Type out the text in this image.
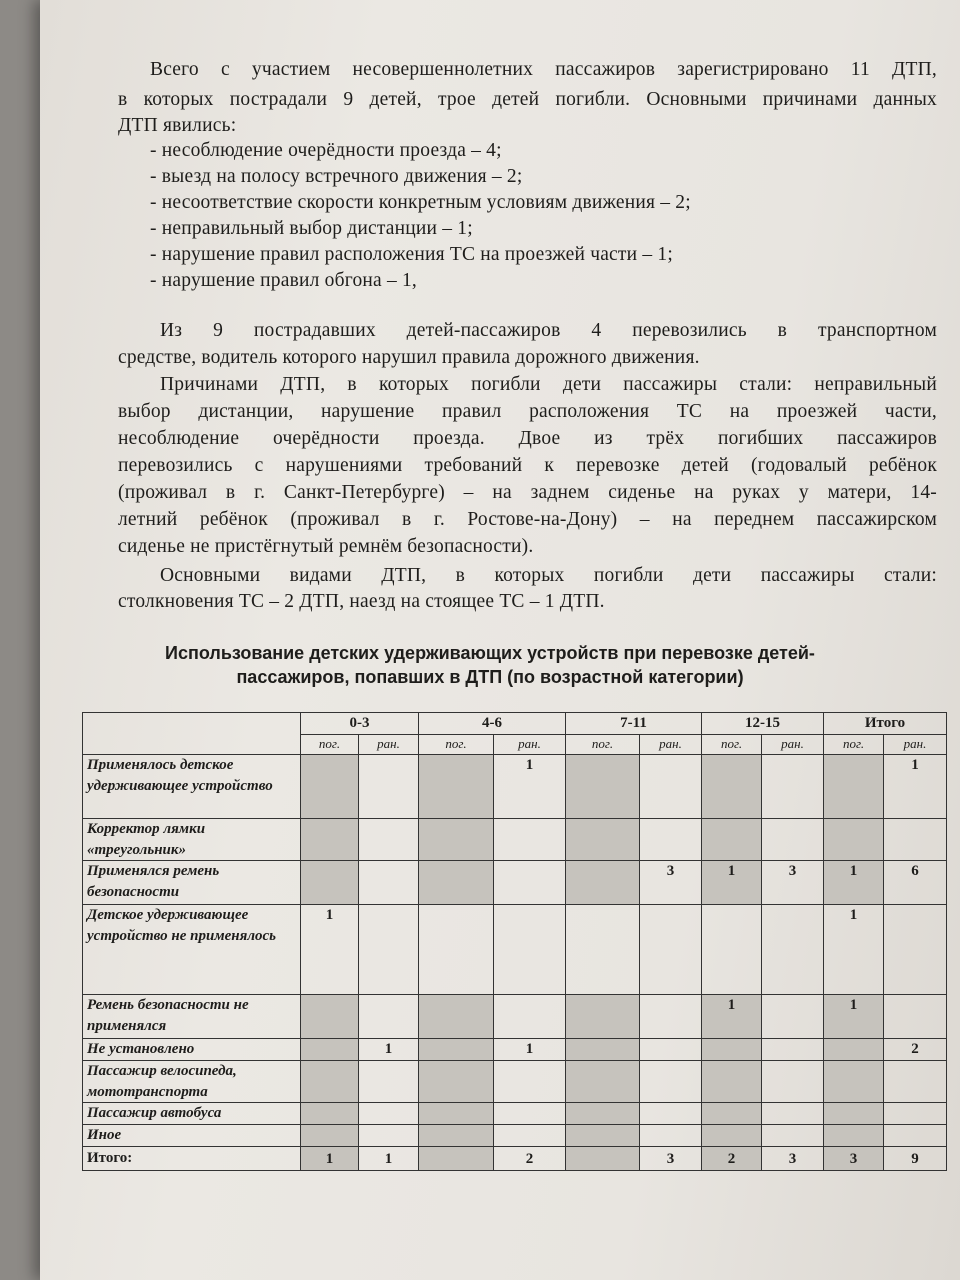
Всего с участием несовершеннолетних пассажиров зарегистрировано 11 ДТП,
в которых пострадали 9 детей, трое детей погибли. Основными причинами данных
ДТП явились:
- несоблюдение очерёдности проезда – 4;
- выезд на полосу встречного движения – 2;
- несоответствие скорости конкретным условиям движения – 2;
- неправильный выбор дистанции – 1;
- нарушение правил расположения ТС на проезжей части – 1;
- нарушение правил обгона – 1,
Из 9 пострадавших детей-пассажиров 4 перевозились в транспортном
средстве, водитель которого нарушил правила дорожного движения.
Причинами ДТП, в которых погибли дети пассажиры стали: неправильный
выбор дистанции, нарушение правил расположения ТС на проезжей части,
несоблюдение очерёдности проезда. Двое из трёх погибших пассажиров
перевозились с нарушениями требований к перевозке детей (годовалый ребёнок
(проживал в г. Санкт-Петербурге) – на заднем сиденье на руках у матери, 14-
летний ребёнок (проживал в г. Ростове-на-Дону) – на переднем пассажирском
сиденье не пристёгнутый ремнём безопасности).
Основными видами ДТП, в которых погибли дети пассажиры стали:
столкновения ТС – 2 ДТП, наезд на стоящее ТС – 1 ДТП.
Использование детских удерживающих устройств при перевозке детей-
пассажиров, попавших в ДТП (по возрастной категории)
	0-3		4-6		7-11		12-15		Итого	
	пог.	ран.	пог.	ран.	пог.	ран.	пог.	ран.	пог.	ран.
Применялось детское удерживающее устройство				1						1
Корректор лямки «треугольник»										
Применялся ремень безопасности						3	1	3	1	6
Детское удерживающее устройство не применялось	1								1	
Ремень безопасности не применялся							1		1	
Не установлено		1		1						2
Пассажир велосипеда, мототранспорта										
Пассажир автобуса										
Иное										
Итого:	1	1		2		3	2	3	3	9
